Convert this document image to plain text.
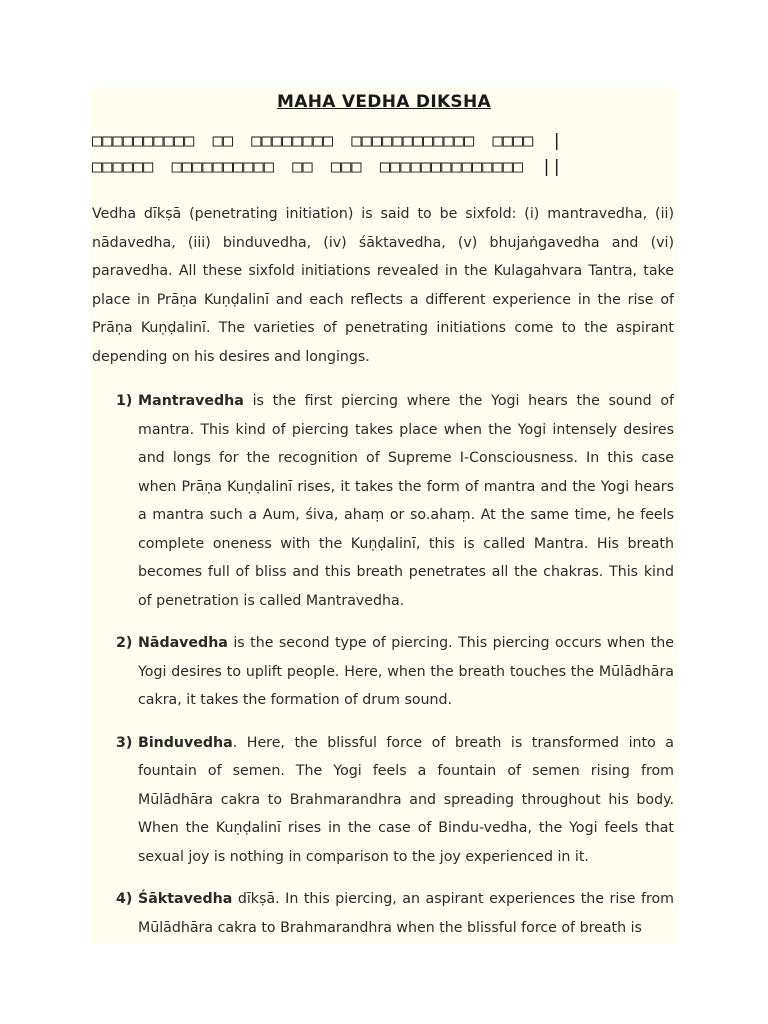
MAHA VEDHA DIKSHA
□□□□□□□□□□ □□ □□□□□□□□ □□□□□□□□□□□□ □□□□ |
□□□□□□ □□□□□□□□□□ □□ □□□ □□□□□□□□□□□□□□ ||

Vedha dīkṣā (penetrating initiation) is said to be sixfold: (i) mantravedha, (ii) nādavedha, (iii) binduvedha, (iv) śāktavedha, (v) bhujaṅgavedha and (vi) paravedha. All these sixfold initiations revealed in the Kulagahvara Tantra, take place in Prāṇa Kuṇḍalinī and each reflects a different experience in the rise of Prāṇa Kuṇḍalinī. The varieties of penetrating initiations come to the aspirant depending on his desires and longings.

1) Mantravedha is the first piercing where the Yogi hears the sound of mantra. This kind of piercing takes place when the Yogi intensely desires and longs for the recognition of Supreme I-Consciousness. In this case when Prāṇa Kuṇḍalinī rises, it takes the form of mantra and the Yogi hears a mantra such a Aum, śiva, ahaṃ or so.ahaṃ. At the same time, he feels complete oneness with the Kuṇḍalinī, this is called Mantra. His breath becomes full of bliss and this breath penetrates all the chakras. This kind of penetration is called Mantravedha.

2) Nādavedha is the second type of piercing. This piercing occurs when the Yogi desires to uplift people. Here, when the breath touches the Mūlādhāra cakra, it takes the formation of drum sound.

3) Binduvedha. Here, the blissful force of breath is transformed into a fountain of semen. The Yogi feels a fountain of semen rising from Mūlādhāra cakra to Brahmarandhra and spreading throughout his body. When the Kuṇḍalinī rises in the case of Bindu-vedha, the Yogi feels that sexual joy is nothing in comparison to the joy experienced in it.

4) Śāktavedha dīkṣā. In this piercing, an aspirant experiences the rise from Mūlādhāra cakra to Brahmarandhra when the blissful force of breath is
